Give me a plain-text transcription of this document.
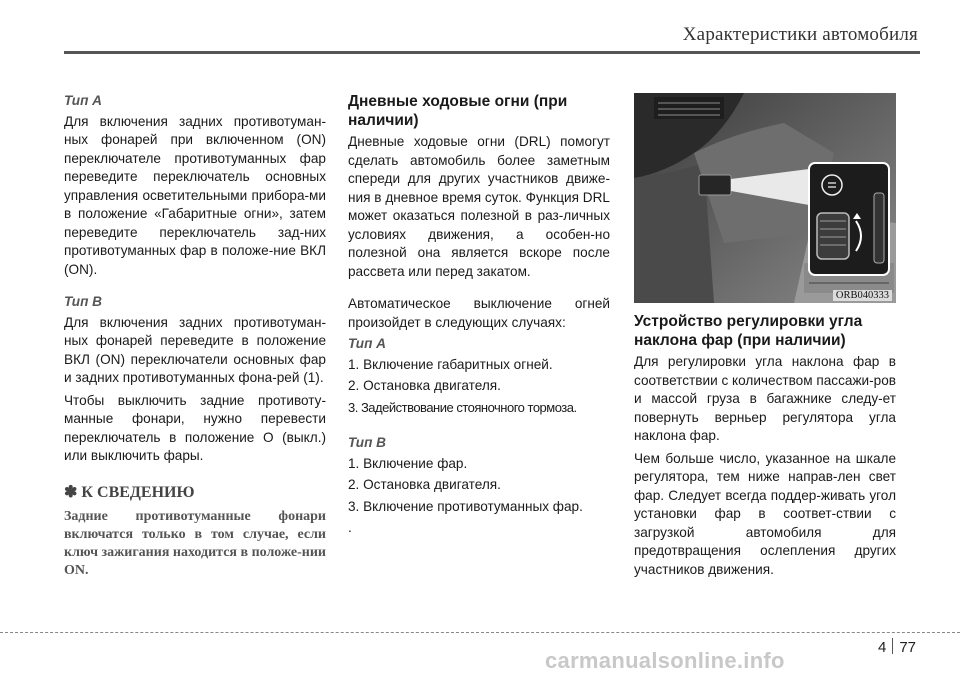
Характеристики автомобиля

Тип А

Для включения задних противотуман-ных фонарей при включенном (ON) переключателе противотуманных фар переведите переключатель основных управления осветительными прибора-ми в положение «Габаритные огни», затем переведите переключатель зад-них противотуманных фар в положе-ние ВКЛ (ON).

Тип В

Для включения задних противотуман-ных фонарей переведите в положение ВКЛ (ON) переключатели основных фар и задних противотуманных фона-рей (1).

Чтобы выключить задние противоту-манные фонари, нужно перевести переключатель в положение O (выкл.) или выключить фары.

✽ К СВЕДЕНИЮ

Задние противотуманные фонари включатся только в том случае, если ключ зажигания находится в положе-нии ON.

Дневные ходовые огни (при наличии)

Дневные ходовые огни (DRL) помогут сделать автомобиль более заметным спереди для других участников движе-ния в дневное время суток. Функция DRL может оказаться полезной в раз-личных условиях движения, а особен-но полезной она является вскоре после рассвета или перед закатом.

Автоматическое выключение огней произойдет в следующих случаях:

Тип А

1. Включение габаритных огней.

2. Остановка двигателя.

3. Задействование стояночного тормоза.

Тип В

1. Включение фар.

2. Остановка двигателя.

3. Включение противотуманных фар.

.

ORB040333

Устройство регулировки угла наклона фар (при наличии)

Для регулировки угла наклона фар в соответствии с количеством пассажи-ров и массой груза в багажнике следу-ет повернуть верньер регулятора угла наклона фар.

Чем больше число, указанное на шкале регулятора, тем ниже направ-лен свет фар. Следует всегда поддер-живать угол установки фар в соответ-ствии с загрузкой автомобиля для предотвращения ослепления других участников движения.

4 77
carmanualsonline.info
